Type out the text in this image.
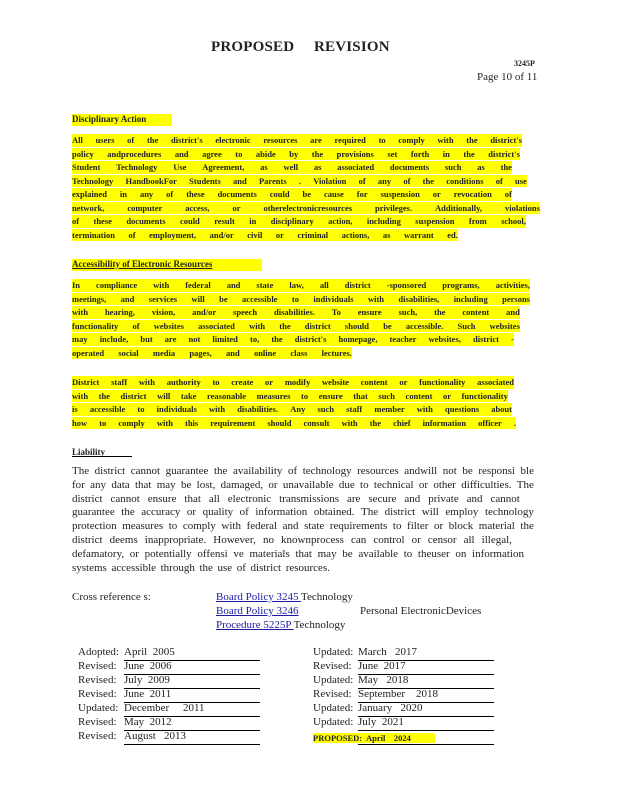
PROPOSED REVISION
3245P
Page 10 of 11
Disciplinary Action
All users of the district's electronic resources are required to comply with the district's
policy andprocedures and agree to abide by the provisions set forth in the district's
Student Technology Use Agreement, as well as associated documents such as the
Technology HandbookFor Students and Parents . Violation of any of the conditions of use
explained in any of these documents could be cause for suspension or revocation of
network,	computer	access,	or	otherelectronicresources	privileges.	Additionally,	violations
of these documents could result in disciplinary action, including suspension from school,
termination of employment, and/or civil or criminal actions, as warrant ed.
Accessibility of Electronic Resources
In compliance with federal and state law, all district -sponsored programs, activities,
meetings, and services will be accessible to individuals with disabilities, including persons
with hearing, vision, and/or speech disabilities. To ensure such, the content and
functionality of websites associated with the district should be accessible. Such websites
may include, but are not limited to, the district's homepage, teacher websites, district -
operated social media pages, and online class lectures.
District staff with authority to create or modify website content or functionality associated
with the district will take reasonable measures to ensure that such content or functionality
is accessible to individuals with disabilities. Any such staff member with questions about
how to comply with this requirement should consult with the chief information officer .
Liability
The district cannot guarantee the availability of technology resources andwill not be responsi ble
for any data that may be lost, damaged, or unavailable due to technical or other difficulties. The
district cannot ensure that all electronic transmissions are secure and private and cannot
guarantee the accuracy or quality of information obtained. The district will employ technology
protection measures to comply with federal and state requirements to filter or block material the
district deems inappropriate. However, no knownprocess can control or censor all illegal,
defamatory, or potentially offensi ve materials that may be available to theuser on information
systems accessible through the use of district resources.
Cross reference s:	Board Policy 3245 Technology
Board Policy 3246	Personal ElectronicDevices
Procedure 5225P Technology
Adopted: April  2005
Revised: June  2006
Revised: July  2009
Revised: June  2011
Updated: December     2011
Revised: May  2012
Revised: August   2013
Updated: March   2017
Revised: June  2017
Updated: May   2018
Revised: September    2018
Updated: January   2020
Updated: July  2021
PROPOSED: April    2024
